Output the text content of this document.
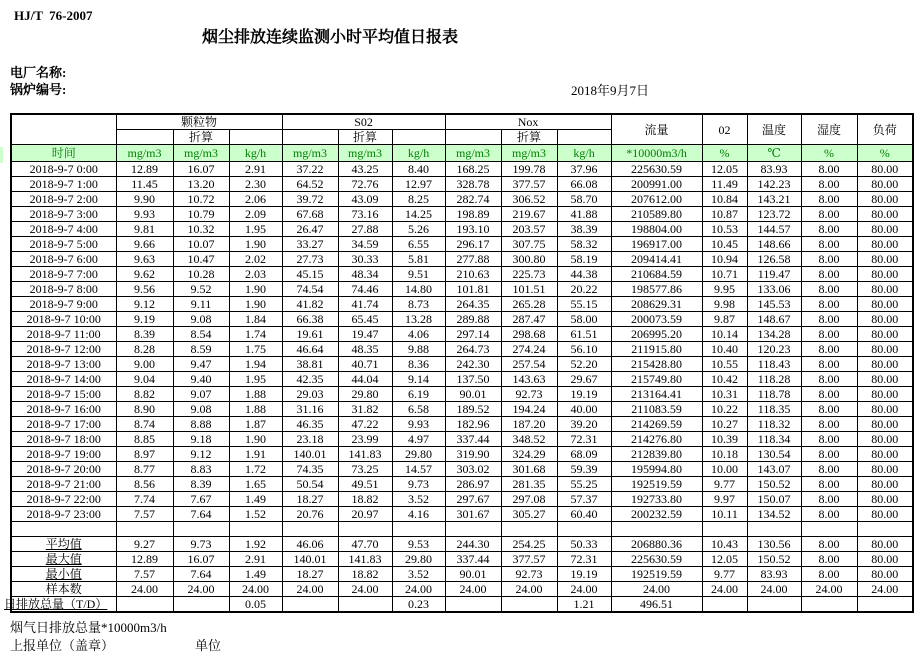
HJ/T  76-2007
烟尘排放连续监测小时平均值日报表
电厂名称:
锅炉编号:	2018年9月7日
	颗粒物			S02			Nox			流量	02	温度	湿度	负荷
		折算			折算			折算						
时间	mg/m3	mg/m3	kg/h	mg/m3	mg/m3	kg/h	mg/m3	mg/m3	kg/h	*10000m3/h	%	℃	%	%
2018-9-7 0:00	12.89	16.07	2.91	37.22	43.25	8.40	168.25	199.78	37.96	225630.59	12.05	83.93	8.00	80.00
2018-9-7 1:00	11.45	13.20	2.30	64.52	72.76	12.97	328.78	377.57	66.08	200991.00	11.49	142.23	8.00	80.00
2018-9-7 2:00	9.90	10.72	2.06	39.72	43.09	8.25	282.74	306.52	58.70	207612.00	10.84	143.21	8.00	80.00
2018-9-7 3:00	9.93	10.79	2.09	67.68	73.16	14.25	198.89	219.67	41.88	210589.80	10.87	123.72	8.00	80.00
2018-9-7 4:00	9.81	10.32	1.95	26.47	27.88	5.26	193.10	203.57	38.39	198804.00	10.53	144.57	8.00	80.00
2018-9-7 5:00	9.66	10.07	1.90	33.27	34.59	6.55	296.17	307.75	58.32	196917.00	10.45	148.66	8.00	80.00
2018-9-7 6:00	9.63	10.47	2.02	27.73	30.33	5.81	277.88	300.80	58.19	209414.41	10.94	126.58	8.00	80.00
2018-9-7 7:00	9.62	10.28	2.03	45.15	48.34	9.51	210.63	225.73	44.38	210684.59	10.71	119.47	8.00	80.00
2018-9-7 8:00	9.56	9.52	1.90	74.54	74.46	14.80	101.81	101.51	20.22	198577.86	9.95	133.06	8.00	80.00
2018-9-7 9:00	9.12	9.11	1.90	41.82	41.74	8.73	264.35	265.28	55.15	208629.31	9.98	145.53	8.00	80.00
2018-9-7 10:00	9.19	9.08	1.84	66.38	65.45	13.28	289.88	287.47	58.00	200073.59	9.87	148.67	8.00	80.00
2018-9-7 11:00	8.39	8.54	1.74	19.61	19.47	4.06	297.14	298.68	61.51	206995.20	10.14	134.28	8.00	80.00
2018-9-7 12:00	8.28	8.59	1.75	46.64	48.35	9.88	264.73	274.24	56.10	211915.80	10.40	120.23	8.00	80.00
2018-9-7 13:00	9.00	9.47	1.94	38.81	40.71	8.36	242.30	257.54	52.20	215428.80	10.55	118.43	8.00	80.00
2018-9-7 14:00	9.04	9.40	1.95	42.35	44.04	9.14	137.50	143.63	29.67	215749.80	10.42	118.28	8.00	80.00
2018-9-7 15:00	8.82	9.07	1.88	29.03	29.80	6.19	90.01	92.73	19.19	213164.41	10.31	118.78	8.00	80.00
2018-9-7 16:00	8.90	9.08	1.88	31.16	31.82	6.58	189.52	194.24	40.00	211083.59	10.22	118.35	8.00	80.00
2018-9-7 17:00	8.74	8.88	1.87	46.35	47.22	9.93	182.96	187.20	39.20	214269.59	10.27	118.32	8.00	80.00
2018-9-7 18:00	8.85	9.18	1.90	23.18	23.99	4.97	337.44	348.52	72.31	214276.80	10.39	118.34	8.00	80.00
2018-9-7 19:00	8.97	9.12	1.91	140.01	141.83	29.80	319.90	324.29	68.09	212839.80	10.18	130.54	8.00	80.00
2018-9-7 20:00	8.77	8.83	1.72	74.35	73.25	14.57	303.02	301.68	59.39	195994.80	10.00	143.07	8.00	80.00
2018-9-7 21:00	8.56	8.39	1.65	50.54	49.51	9.73	286.97	281.35	55.25	192519.59	9.77	150.52	8.00	80.00
2018-9-7 22:00	7.74	7.67	1.49	18.27	18.82	3.52	297.67	297.08	57.37	192733.80	9.97	150.07	8.00	80.00
2018-9-7 23:00	7.57	7.64	1.52	20.76	20.97	4.16	301.67	305.27	60.40	200232.59	10.11	134.52	8.00	80.00

平均值	9.27	9.73	1.92	46.06	47.70	9.53	244.30	254.25	50.33	206880.36	10.43	130.56	8.00	80.00
最大值	12.89	16.07	2.91	140.01	141.83	29.80	337.44	377.57	72.31	225630.59	12.05	150.52	8.00	80.00
最小值	7.57	7.64	1.49	18.27	18.82	3.52	90.01	92.73	19.19	192519.59	9.77	83.93	8.00	80.00
样本数	24.00	24.00	24.00	24.00	24.00	24.00	24.00	24.00	24.00	24.00	24.00	24.00	24.00	24.00
日排放总量（T/D）			0.05			0.23			1.21	496.51				
烟气日排放总量*10000m3/h
上报单位（盖章）	单位
